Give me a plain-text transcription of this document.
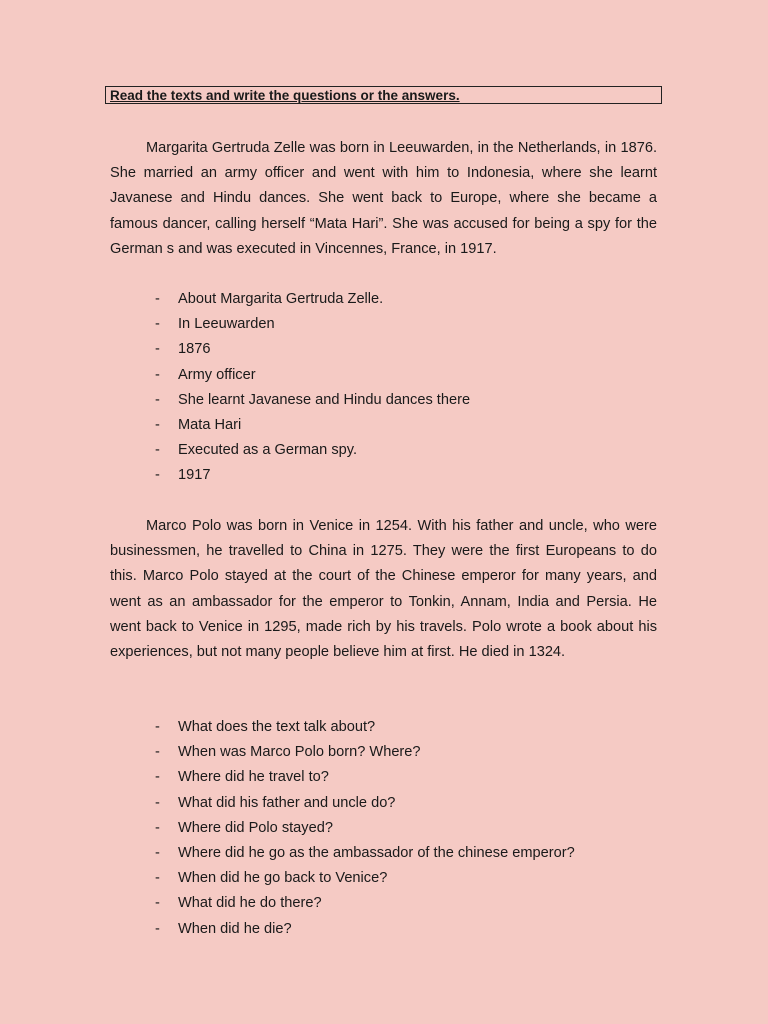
Read the texts and write the questions or the answers.

Margarita Gertruda Zelle was born in Leeuwarden, in the Netherlands, in 1876. She married an army officer and went with him to Indonesia, where she learnt Javanese and Hindu dances. She went back to Europe, where she became a famous dancer, calling herself “Mata Hari”. She was accused for being a spy for the German s and was executed in Vincennes, France, in 1917.

- About Margarita Gertruda Zelle.
- In Leeuwarden
- 1876
- Army officer
- She learnt Javanese and Hindu dances there
- Mata Hari
- Executed as a German spy.
- 1917

Marco Polo was born in Venice in 1254. With his father and uncle, who were businessmen, he travelled to China in 1275. They were the first Europeans to do this. Marco Polo stayed at the court of the Chinese emperor for many years, and went as an ambassador for the emperor to Tonkin, Annam, India and Persia. He went back to Venice in 1295, made rich by his travels. Polo wrote a book about his experiences, but not many people believe him at first. He died in 1324.

- What does the text talk about?
- When was Marco Polo born? Where?
- Where did he travel to?
- What did his father and uncle do?
- Where did Polo stayed?
- Where did he go as the ambassador of the chinese emperor?
- When did he go back to Venice?
- What did he do there?
- When did he die?
